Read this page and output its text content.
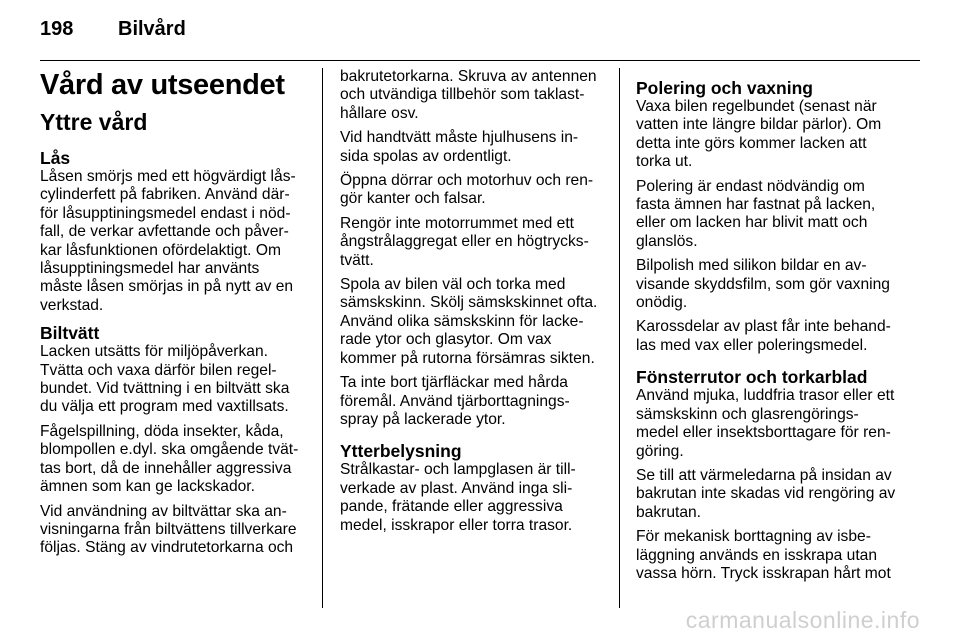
198 Bilvård
Vård av utseendet
Yttre vård
Lås

Låsen smörjs med ett högvärdigt lås-
cylinderfett på fabriken. Använd där-
för låsupptiningsmedel endast i nöd-
fall, de verkar avfettande och påver-
kar låsfunktionen ofördelaktigt. Om
låsupptiningsmedel har använts
måste låsen smörjas in på nytt av en
verkstad.

Biltvätt

Lacken utsätts för miljöpåverkan.
Tvätta och vaxa därför bilen regel-
bundet. Vid tvättning i en biltvätt ska
du välja ett program med vaxtillsats.

Fågelspillning, döda insekter, kåda,
blompollen e.dyl. ska omgående tvät-
tas bort, då de innehåller aggressiva
ämnen som kan ge lackskador.

Vid användning av biltvättar ska an-
visningarna från biltvättens tillverkare
följas. Stäng av vindrutetorkarna och

bakrutetorkarna. Skruva av antennen
och utvändiga tillbehör som taklast-
hållare osv.

Vid handtvätt måste hjulhusens in-
sida spolas av ordentligt.

Öppna dörrar och motorhuv och ren-
gör kanter och falsar.

Rengör inte motorrummet med ett
ångstrålaggregat eller en högtrycks-
tvätt.

Spola av bilen väl och torka med
sämskskinn. Skölj sämskskinnet ofta.
Använd olika sämskskinn för lacke-
rade ytor och glasytor. Om vax
kommer på rutorna försämras sikten.

Ta inte bort tjärfläckar med hårda
föremål. Använd tjärborttagnings-
spray på lackerade ytor.

Ytterbelysning

Strålkastar- och lampglasen är till-
verkade av plast. Använd inga sli-
pande, frätande eller aggressiva
medel, isskrapor eller torra trasor.

Polering och vaxning

Vaxa bilen regelbundet (senast när
vatten inte längre bildar pärlor). Om
detta inte görs kommer lacken att
torka ut.

Polering är endast nödvändig om
fasta ämnen har fastnat på lacken,
eller om lacken har blivit matt och
glanslös.

Bilpolish med silikon bildar en av-
visande skyddsfilm, som gör vaxning
onödig.

Karossdelar av plast får inte behand-
las med vax eller poleringsmedel.

Fönsterrutor och torkarblad

Använd mjuka, luddfria trasor eller ett
sämskskinn och glasrengörings-
medel eller insektsborttagare för ren-
göring.

Se till att värmeledarna på insidan av
bakrutan inte skadas vid rengöring av
bakrutan.

För mekanisk borttagning av isbe-
läggning används en isskrapa utan
vassa hörn. Tryck isskrapan hårt mot

carmanualsonline.info
